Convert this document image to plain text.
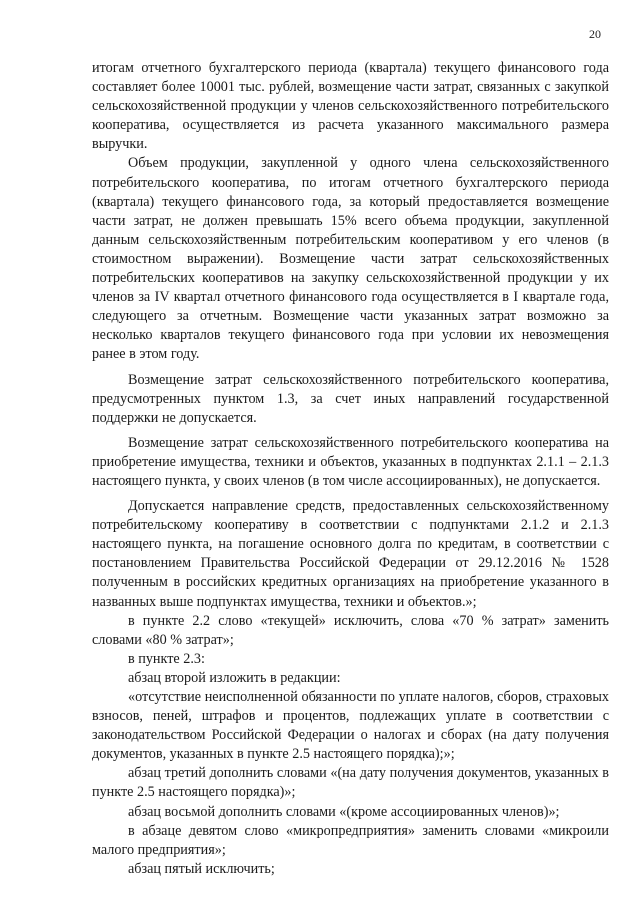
20

итогам отчетного бухгалтерского периода (квартала) текущего финансового года составляет более 10001 тыс. рублей, возмещение части затрат, связанных с закупкой сельскохозяйственной продукции у членов сельскохозяйственного потребительского кооператива, осуществляется из расчета указанного максимального размера выручки.

Объем продукции, закупленной у одного члена сельскохозяйственного потребительского кооператива, по итогам отчетного бухгалтерского периода (квартала) текущего финансового года, за который предоставляется возмещение части затрат, не должен превышать 15% всего объема продукции, закупленной данным сельскохозяйственным потребительским кооперативом у его членов (в стоимостном выражении). Возмещение части затрат сельскохозяйственных потребительских кооперативов на закупку сельскохозяйственной продукции у их членов за IV квартал отчетного финансового года осуществляется в I квартале года, следующего за отчетным. Возмещение части указанных затрат возможно за несколько кварталов текущего финансового года при условии их невозмещения ранее в этом году.

Возмещение затрат сельскохозяйственного потребительского кооператива, предусмотренных пунктом 1.3, за счет иных направлений государственной поддержки не допускается.

Возмещение затрат сельскохозяйственного потребительского кооператива на приобретение имущества, техники и объектов, указанных в подпунктах 2.1.1 – 2.1.3 настоящего пункта, у своих членов (в том числе ассоциированных), не допускается.

Допускается направление средств, предоставленных сельскохозяйственному потребительскому кооперативу в соответствии с подпунктами 2.1.2 и 2.1.3 настоящего пункта, на погашение основного долга по кредитам, в соответствии с постановлением Правительства Российской Федерации от 29.12.2016 № 1528 полученным в российских кредитных организациях на приобретение указанного в названных выше подпунктах имущества, техники и объектов.»;

в пункте 2.2 слово «текущей» исключить, слова «70 % затрат» заменить словами «80 % затрат»;

в пункте 2.3:

абзац второй изложить в редакции:

«отсутствие неисполненной обязанности по уплате налогов, сборов, страховых взносов, пеней, штрафов и процентов, подлежащих уплате в соответствии с законодательством Российской Федерации о налогах и сборах (на дату получения документов, указанных в пункте 2.5 настоящего порядка);»;

абзац третий дополнить словами «(на дату получения документов, указанных в пункте 2.5 настоящего порядка)»;

абзац восьмой дополнить словами «(кроме ассоциированных членов)»;

в абзаце девятом слово «микропредприятия» заменить словами «микроили малого предприятия»;

абзац пятый исключить;
